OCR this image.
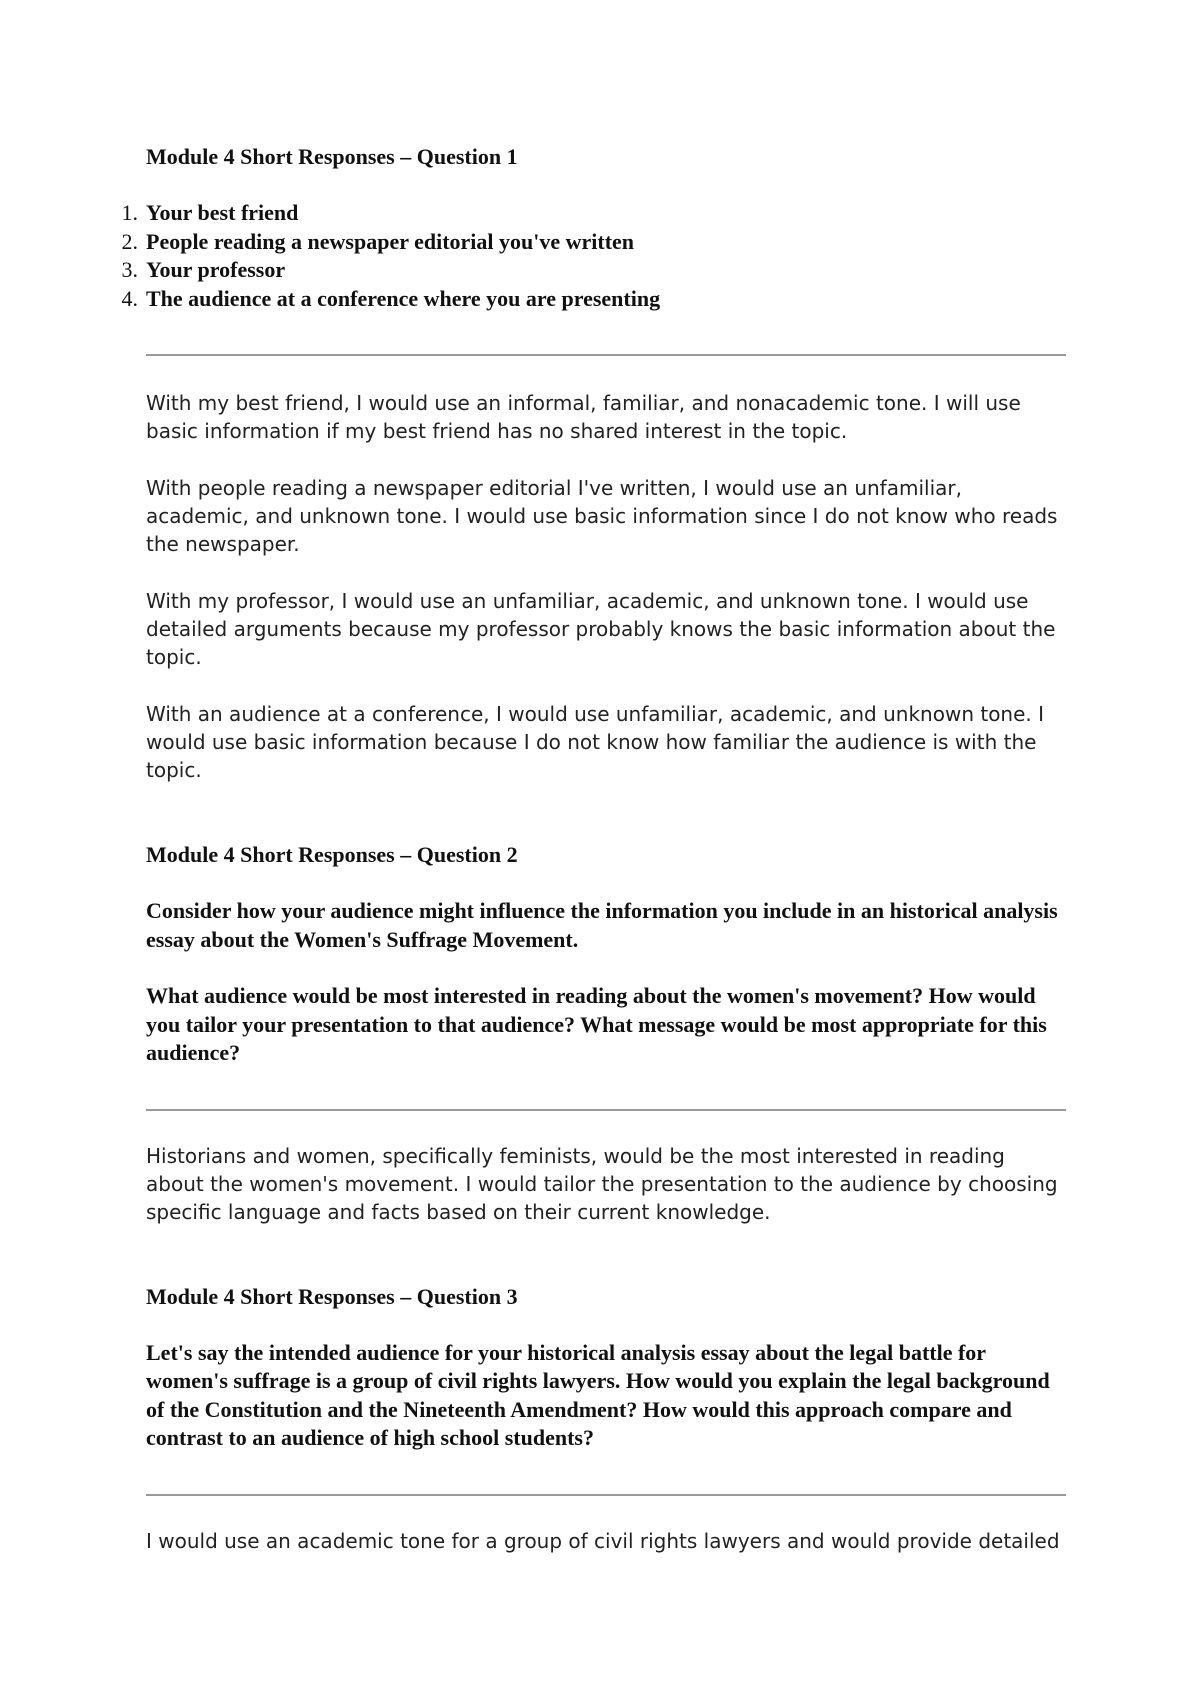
Module 4 Short Responses – Question 1
1. Your best friend
2. People reading a newspaper editorial you've written
3. Your professor
4. The audience at a conference where you are presenting

With my best friend, I would use an informal, familiar, and nonacademic tone. I will use basic information if my best friend has no shared interest in the topic.

With people reading a newspaper editorial I've written, I would use an unfamiliar, academic, and unknown tone. I would use basic information since I do not know who reads the newspaper.

With my professor, I would use an unfamiliar, academic, and unknown tone. I would use detailed arguments because my professor probably knows the basic information about the topic.

With an audience at a conference, I would use unfamiliar, academic, and unknown tone. I would use basic information because I do not know how familiar the audience is with the topic.

Module 4 Short Responses – Question 2

Consider how your audience might influence the information you include in an historical analysis essay about the Women's Suffrage Movement.

What audience would be most interested in reading about the women's movement? How would you tailor your presentation to that audience? What message would be most appropriate for this audience?

Historians and women, specifically feminists, would be the most interested in reading about the women's movement. I would tailor the presentation to the audience by choosing specific language and facts based on their current knowledge.

Module 4 Short Responses – Question 3

Let's say the intended audience for your historical analysis essay about the legal battle for women's suffrage is a group of civil rights lawyers. How would you explain the legal background of the Constitution and the Nineteenth Amendment? How would this approach compare and contrast to an audience of high school students?

I would use an academic tone for a group of civil rights lawyers and would provide detailed
